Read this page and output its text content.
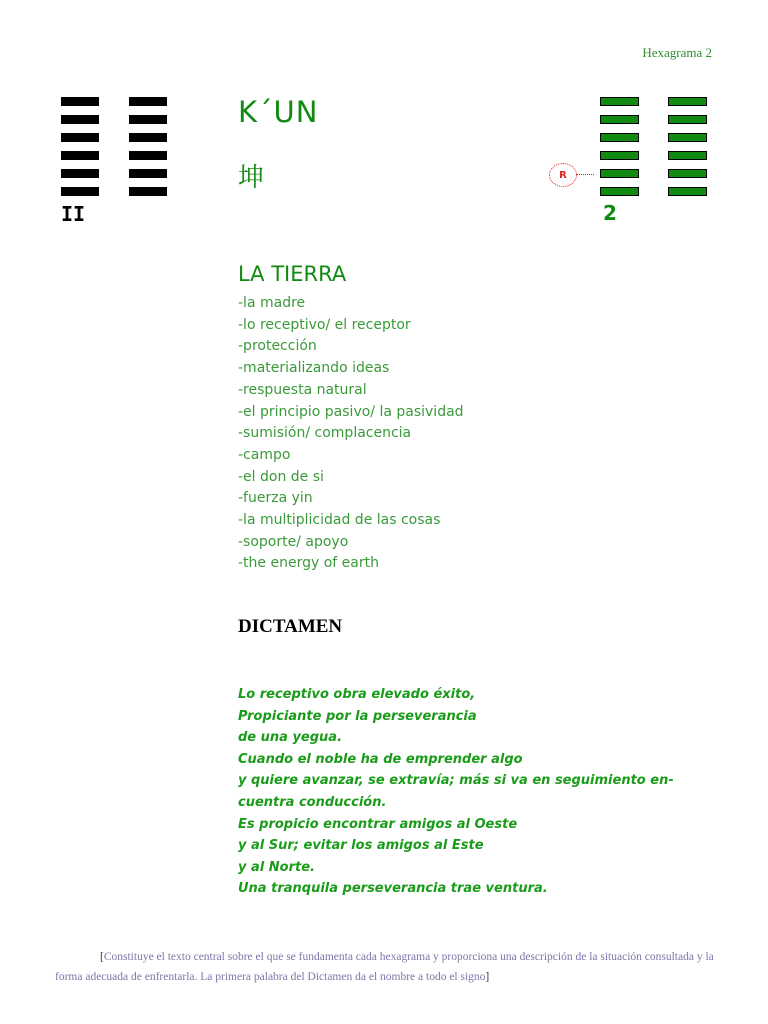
Hexagrama 2
II
K´UN
坤	R
2
LA TIERRA
-la madre
-lo receptivo/ el receptor
-protección
-materializando ideas
-respuesta natural
-el principio pasivo/ la pasividad
-sumisión/ complacencia
-campo
-el don de si
-fuerza yin
-la multiplicidad de las cosas
-soporte/ apoyo
-the energy of earth
DICTAMEN
Lo receptivo obra elevado éxito,
Propiciante por la perseverancia
de una yegua.
Cuando el noble ha de emprender algo
y quiere avanzar, se extravía; más si va en seguimiento en-
cuentra conducción.
Es propicio encontrar amigos al Oeste
y al Sur; evitar los amigos al Este
y al Norte.
Una tranquila perseverancia trae ventura.

[Constituye el texto central sobre el que se fundamenta cada hexagrama y proporciona una descripción de la situación consultada y la forma adecuada de enfrentarla. La primera palabra del Dictamen da el nombre a todo el signo]
